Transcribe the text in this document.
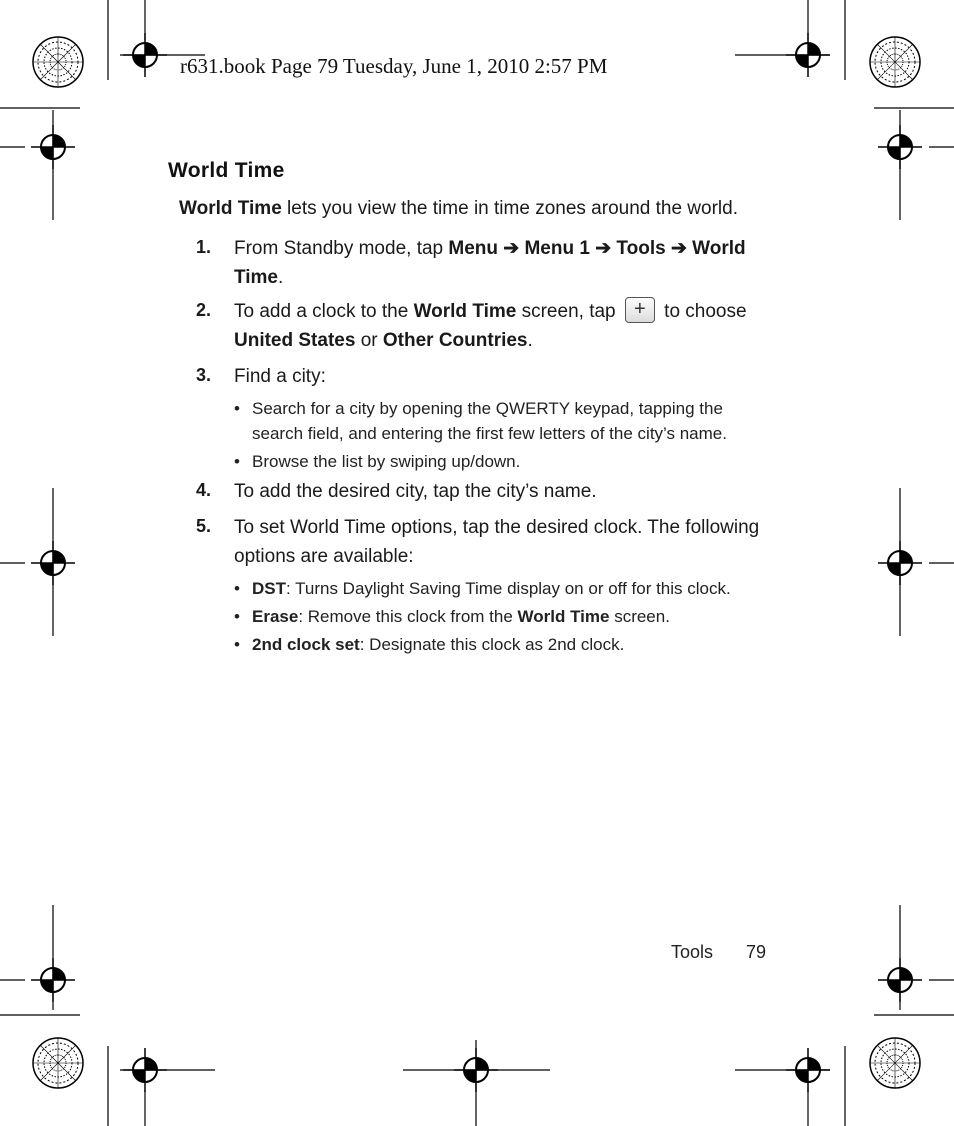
r631.book Page 79 Tuesday, June 1, 2010 2:57 PM
World Time
World Time lets you view the time in time zones around the world.
1. From Standby mode, tap Menu ➔ Menu 1 ➔ Tools ➔ World Time.
2. To add a clock to the World Time screen, tap + to choose United States or Other Countries.
3. Find a city:
• Search for a city by opening the QWERTY keypad, tapping the search field, and entering the first few letters of the city’s name.
• Browse the list by swiping up/down.
4. To add the desired city, tap the city’s name.
5. To set World Time options, tap the desired clock. The following options are available:
• DST: Turns Daylight Saving Time display on or off for this clock.
• Erase: Remove this clock from the World Time screen.
• 2nd clock set: Designate this clock as 2nd clock.
Tools 79
